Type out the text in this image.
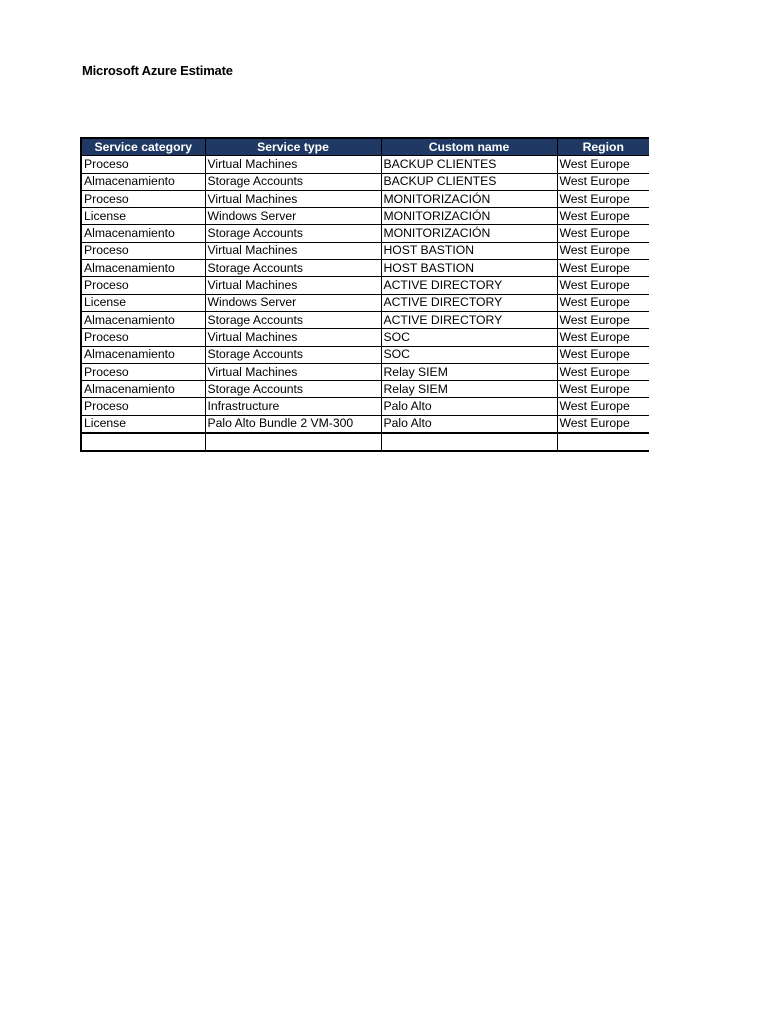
Microsoft Azure Estimate
Service category	Service type	Custom name	Region
Proceso	Virtual Machines	BACKUP CLIENTES	West Europe
Almacenamiento	Storage Accounts	BACKUP CLIENTES	West Europe
Proceso	Virtual Machines	MONITORIZACIÓN	West Europe
License	Windows Server	MONITORIZACIÓN	West Europe
Almacenamiento	Storage Accounts	MONITORIZACIÓN	West Europe
Proceso	Virtual Machines	HOST BASTION	West Europe
Almacenamiento	Storage Accounts	HOST BASTION	West Europe
Proceso	Virtual Machines	ACTIVE DIRECTORY	West Europe
License	Windows Server	ACTIVE DIRECTORY	West Europe
Almacenamiento	Storage Accounts	ACTIVE DIRECTORY	West Europe
Proceso	Virtual Machines	SOC	West Europe
Almacenamiento	Storage Accounts	SOC	West Europe
Proceso	Virtual Machines	Relay SIEM	West Europe
Almacenamiento	Storage Accounts	Relay SIEM	West Europe
Proceso	Infrastructure	Palo Alto	West Europe
License	Palo Alto Bundle 2 VM-300	Palo Alto	West Europe
